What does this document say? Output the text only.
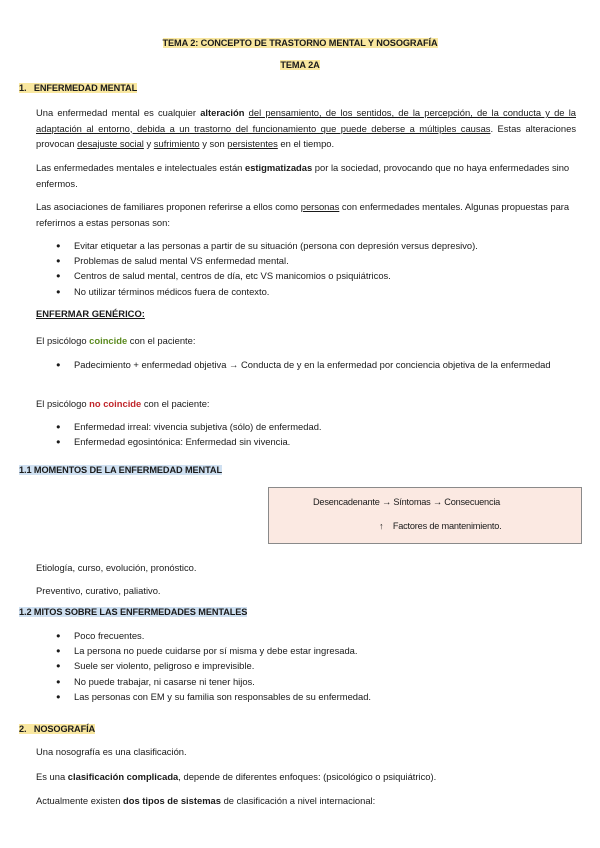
TEMA 2: CONCEPTO DE TRASTORNO MENTAL Y NOSOGRAFÍA
TEMA 2A
1.   ENFERMEDAD MENTAL
Una enfermedad mental es cualquier alteración del pensamiento, de los sentidos, de la percepción, de la conducta y de la adaptación al entorno, debida a un trastorno del funcionamiento que puede deberse a múltiples causas. Estas alteraciones provocan desajuste social y sufrimiento y son persistentes en el tiempo.
Las enfermedades mentales e intelectuales están estigmatizadas por la sociedad, provocando que no haya enfermedades sino enfermos.
Las asociaciones de familiares proponen referirse a ellos como personas con enfermedades mentales. Algunas propuestas para referirnos a estas personas son:
● Evitar etiquetar a las personas a partir de su situación (persona con depresión versus depresivo).
● Problemas de salud mental VS enfermedad mental.
● Centros de salud mental, centros de día, etc VS manicomios o psiquiátricos.
● No utilizar términos médicos fuera de contexto.
ENFERMAR GENÉRICO:
El psicólogo coincide con el paciente:
● Padecimiento + enfermedad objetiva → Conducta de y en la enfermedad por conciencia objetiva de la enfermedad
El psicólogo no coincide con el paciente:
● Enfermedad irreal: vivencia subjetiva (sólo) de enfermedad.
● Enfermedad egosintónica: Enfermedad sin vivencia.
1.1 MOMENTOS DE LA ENFERMEDAD MENTAL
Desencadenante → Síntomas → Consecuencia
↑ Factores de mantenimiento.
Etiología, curso, evolución, pronóstico.
Preventivo, curativo, paliativo.
1.2 MITOS SOBRE LAS ENFERMEDADES MENTALES
● Poco frecuentes.
● La persona no puede cuidarse por sí misma y debe estar ingresada.
● Suele ser violento, peligroso e imprevisible.
● No puede trabajar, ni casarse ni tener hijos.
● Las personas con EM y su familia son responsables de su enfermedad.
2.   NOSOGRAFÍA
Una nosografía es una clasificación.
Es una clasificación complicada, depende de diferentes enfoques: (psicológico o psiquiátrico).
Actualmente existen dos tipos de sistemas de clasificación a nivel internacional:
